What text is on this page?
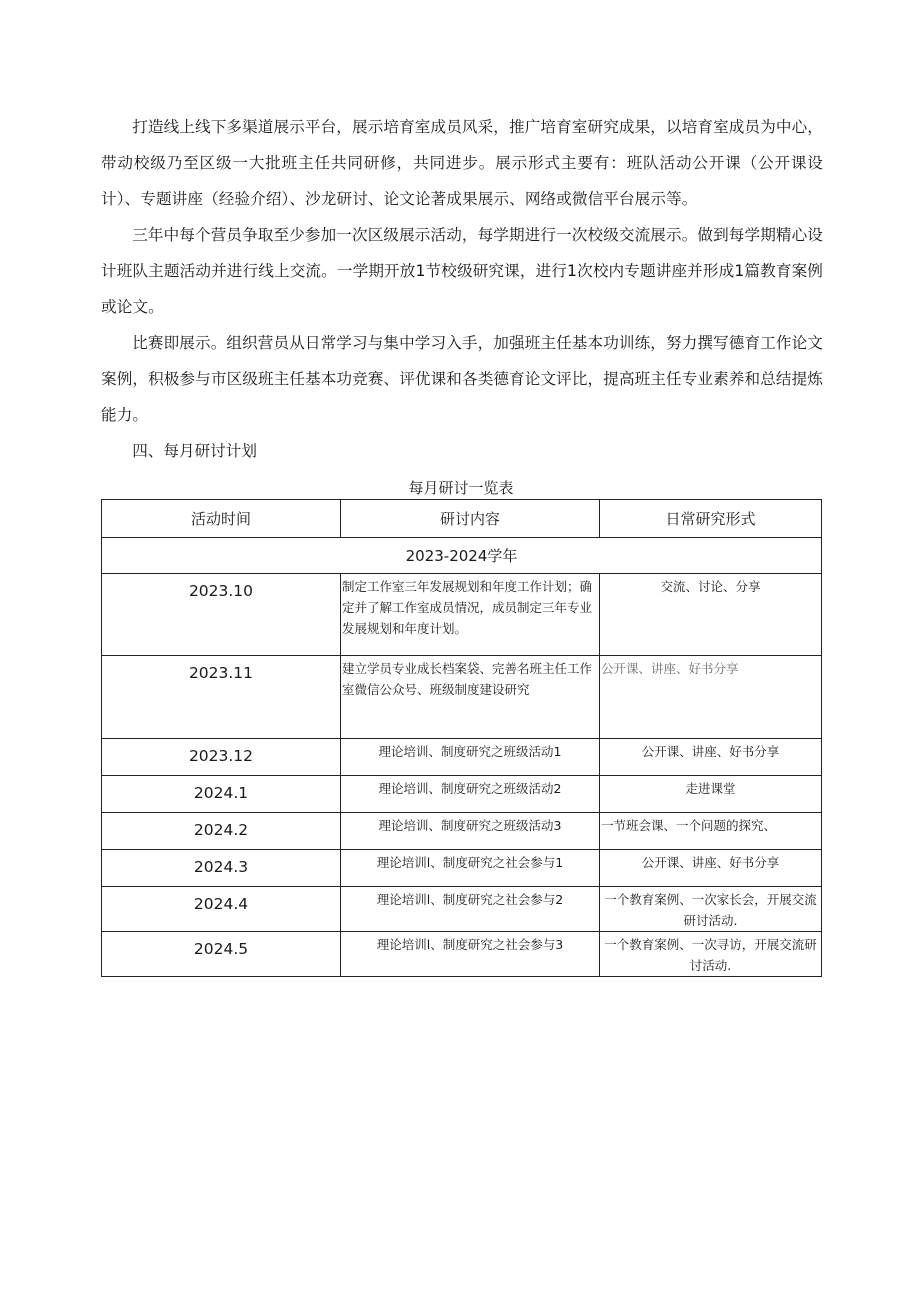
打造线上线下多渠道展示平台，展示培育室成员风采，推广培育室研究成果，以培育室成员为中心，带动校级乃至区级一大批班主任共同研修，共同进步。展示形式主要有：班队活动公开课（公开课设计）、专题讲座（经验介绍）、沙龙研讨、论文论著成果展示、网络或微信平台展示等。

三年中每个营员争取至少参加一次区级展示活动，每学期进行一次校级交流展示。做到每学期精心设计班队主题活动并进行线上交流。一学期开放1节校级研究课，进行1次校内专题讲座并形成1篇教育案例或论文。

比赛即展示。组织营员从日常学习与集中学习入手，加强班主任基本功训练，努力撰写德育工作论文案例，积极参与市区级班主任基本功竞赛、评优课和各类德育论文评比，提高班主任专业素养和总结提炼能力。

四、每月研讨计划

每月研讨一览表
活动时间	研讨内容	日常研究形式
2023-2024学年		
2023.10	制定工作室三年发展规划和年度工作计划；确定并了解工作室成员情况，成员制定三年专业发展规划和年度计划。	交流、讨论、分享
2023.11	建立学员专业成长档案袋、完善名班主任工作室微信公众号、班级制度建设研究	公开课、讲座、好书分享
2023.12	理论培训、制度研究之班级活动1	公开课、讲座、好书分享
2024.1	理论培训、制度研究之班级活动2	走进课堂
2024.2	理论培训、制度研究之班级活动3	一节班会课、一个问题的探究、
2024.3	理论培训l、制度研究之社会参与1	公开课、讲座、好书分享
2024.4	理论培训l、制度研究之社会参与2	一个教育案例、一次家长会，开展交流研讨活动.
2024.5	理论培训l、制度研究之社会参与3	一个教育案例、一次寻访，开展交流研讨活动.
